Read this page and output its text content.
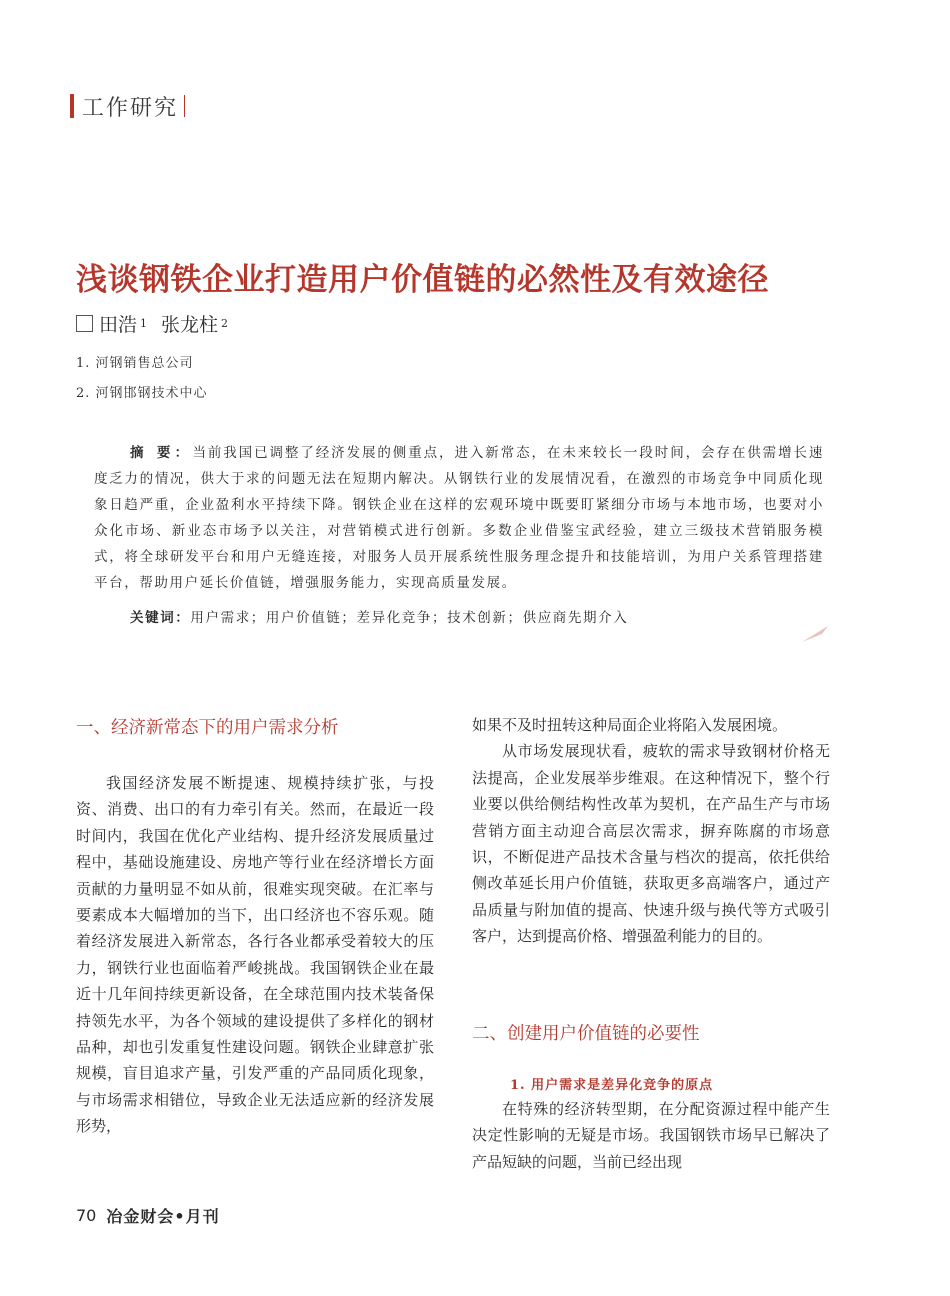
工作研究
浅谈钢铁企业打造用户价值链的必然性及有效途径
田浩 1 张龙柱 2
1. 河钢销售总公司
2. 河钢邯钢技术中心
摘 要：当前我国已调整了经济发展的侧重点，进入新常态，在未来较长一段时间，会存在供需增长速度乏力的情况，供大于求的问题无法在短期内解决。从钢铁行业的发展情况看，在激烈的市场竞争中同质化现象日趋严重，企业盈利水平持续下降。钢铁企业在这样的宏观环境中既要盯紧细分市场与本地市场，也要对小众化市场、新业态市场予以关注，对营销模式进行创新。多数企业借鉴宝武经验，建立三级技术营销服务模式，将全球研发平台和用户无缝连接，对服务人员开展系统性服务理念提升和技能培训，为用户关系管理搭建平台，帮助用户延长价值链，增强服务能力，实现高质量发展。
关键词：用户需求；用户价值链；差异化竞争；技术创新；供应商先期介入
一、经济新常态下的用户需求分析

我国经济发展不断提速、规模持续扩张，与投资、消费、出口的有力牵引有关。然而，在最近一段时间内，我国在优化产业结构、提升经济发展质量过程中，基础设施建设、房地产等行业在经济增长方面贡献的力量明显不如从前，很难实现突破。在汇率与要素成本大幅增加的当下，出口经济也不容乐观。随着经济发展进入新常态，各行各业都承受着较大的压力，钢铁行业也面临着严峻挑战。我国钢铁企业在最近十几年间持续更新设备，在全球范围内技术装备保持领先水平，为各个领域的建设提供了多样化的钢材品种，却也引发重复性建设问题。钢铁企业肆意扩张规模，盲目追求产量，引发严重的产品同质化现象，与市场需求相错位，导致企业无法适应新的经济发展形势，

如果不及时扭转这种局面企业将陷入发展困境。

从市场发展现状看，疲软的需求导致钢材价格无法提高，企业发展举步维艰。在这种情况下，整个行业要以供给侧结构性改革为契机，在产品生产与市场营销方面主动迎合高层次需求，摒弃陈腐的市场意识，不断促进产品技术含量与档次的提高，依托供给侧改革延长用户价值链，获取更多高端客户，通过产品质量与附加值的提高、快速升级与换代等方式吸引客户，达到提高价格、增强盈利能力的目的。

二、创建用户价值链的必要性
1. 用户需求是差异化竞争的原点

在特殊的经济转型期，在分配资源过程中能产生决定性影响的无疑是市场。我国钢铁市场早已解决了产品短缺的问题，当前已经出现

70 冶金财会•月刊
